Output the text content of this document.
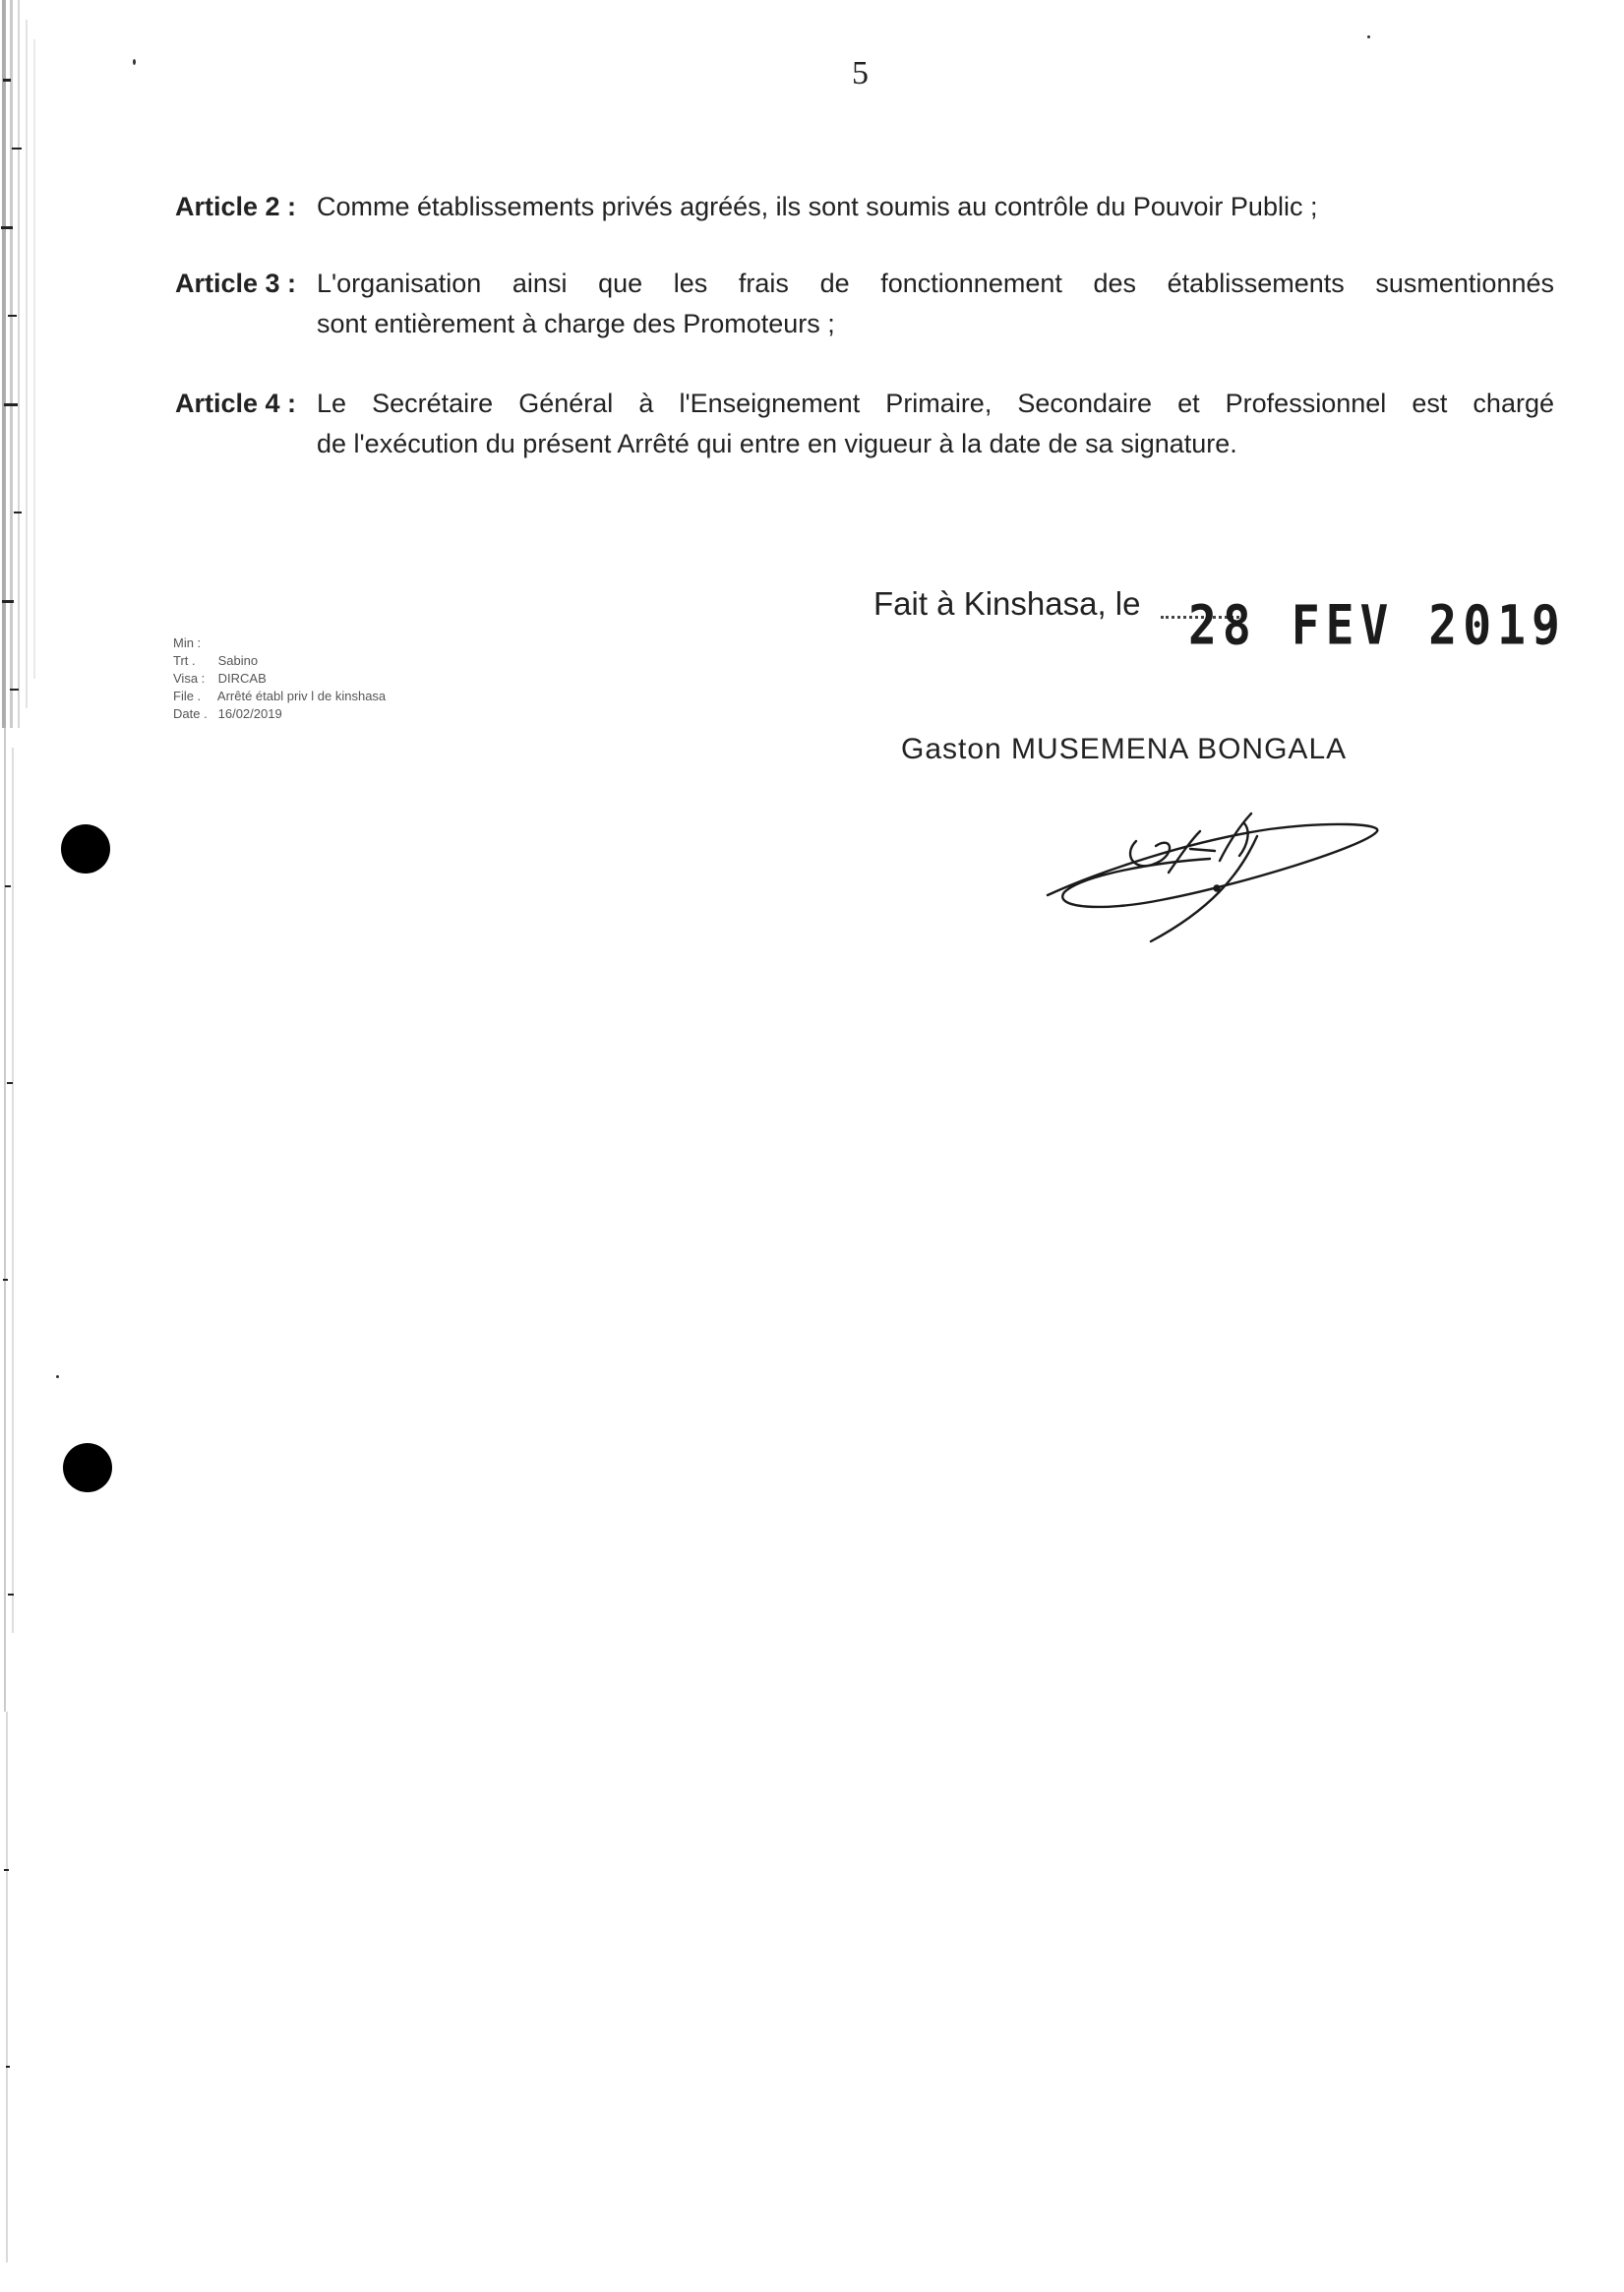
5
Article 2 : Comme établissements privés agréés, ils sont soumis au contrôle du Pouvoir Public ;
Article 3 : L'organisation ainsi que les frais de fonctionnement des établissements susmentionnés
sont entièrement à charge des Promoteurs ;
Article 4 : Le Secrétaire Général à l'Enseignement Primaire, Secondaire et Professionnel est chargé
de l'exécution du présent Arrêté qui entre en vigueur à la date de sa signature.
Min :
Trt . Sabino
Visa : DIRCAB
File . Arrêté établ priv l de kinshasa
Date . 16/02/2019
Fait à Kinshasa, le 28 FEV 2019
Gaston MUSEMENA BONGALA
